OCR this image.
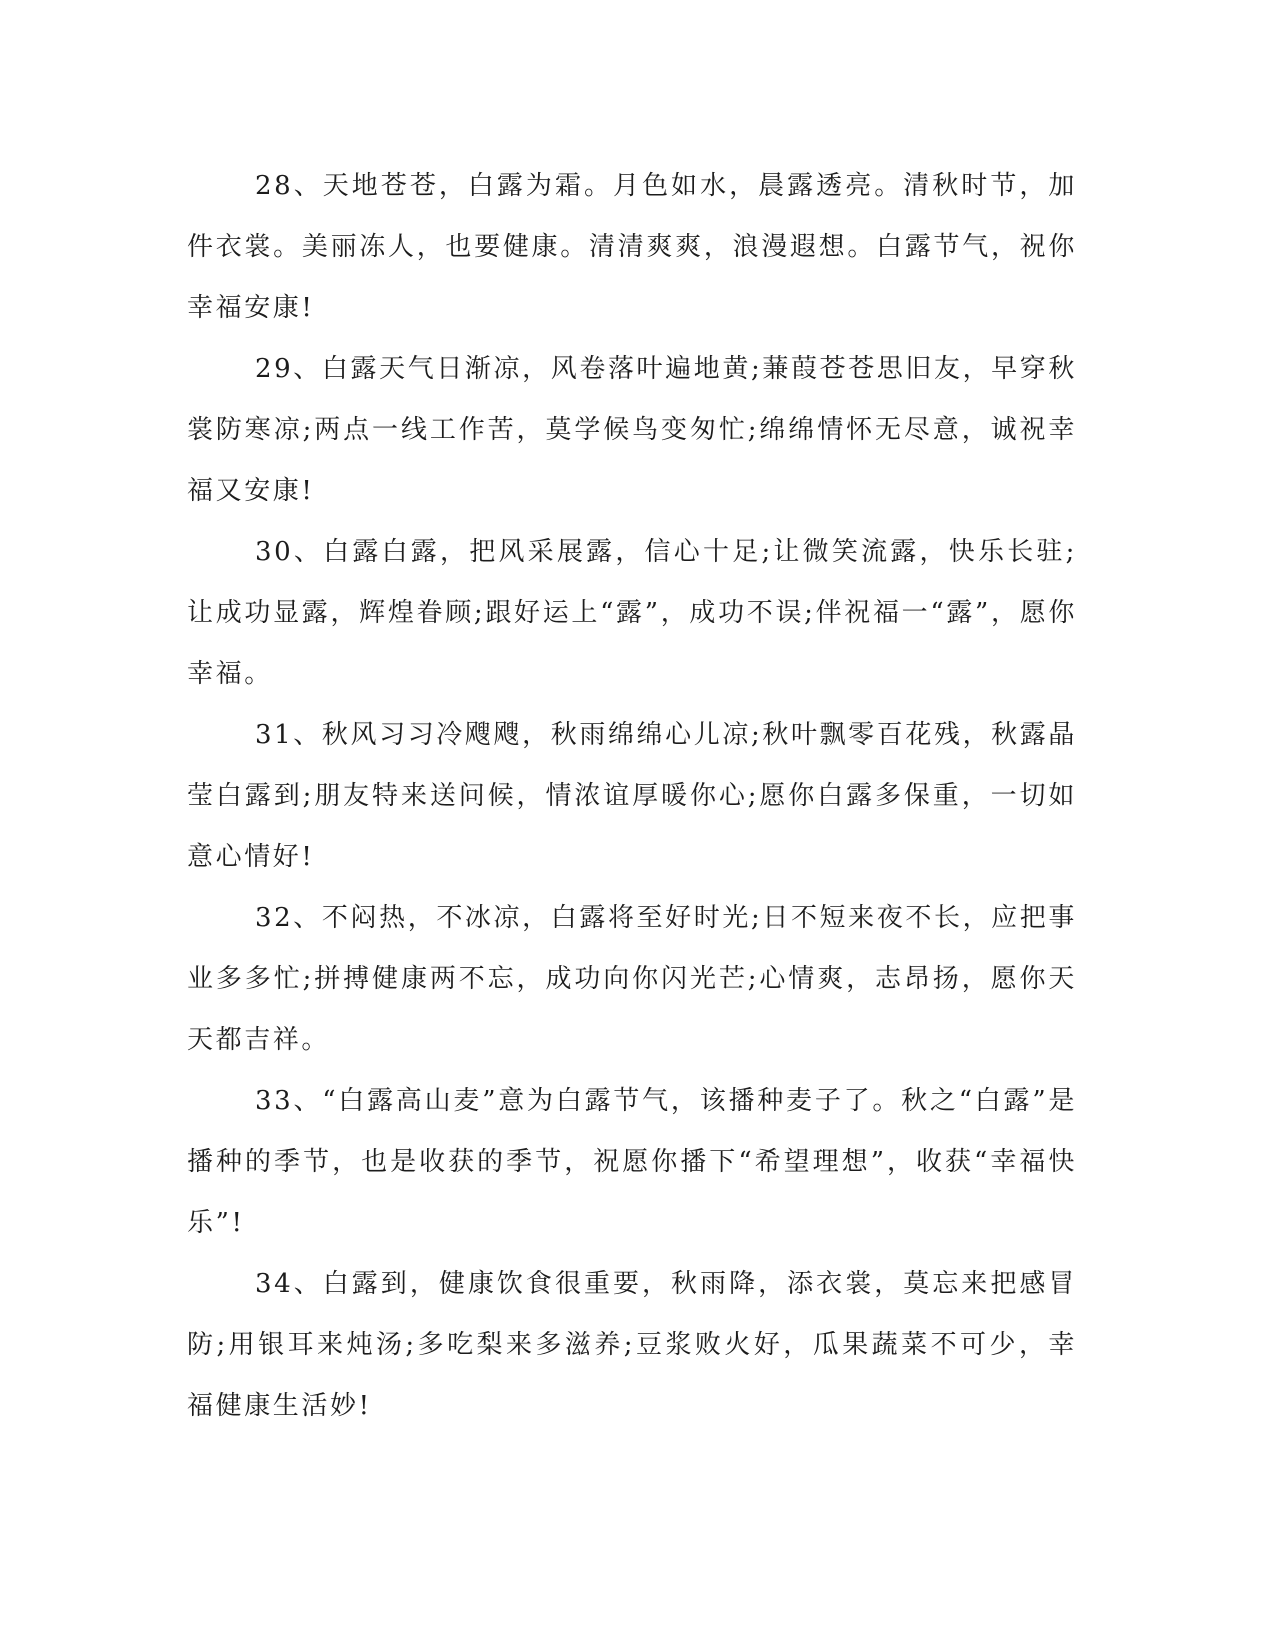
28、天地苍苍，白露为霜。月色如水，晨露透亮。清秋时节，加件衣裳。美丽冻人，也要健康。清清爽爽，浪漫遐想。白露节气，祝你幸福安康!

29、白露天气日渐凉，风卷落叶遍地黄;蒹葭苍苍思旧友，早穿秋裳防寒凉;两点一线工作苦，莫学候鸟变匆忙;绵绵情怀无尽意，诚祝幸福又安康!

30、白露白露，把风采展露，信心十足;让微笑流露，快乐长驻;让成功显露，辉煌眷顾;跟好运上“露”，成功不误;伴祝福一“露”，愿你幸福。

31、秋风习习冷飕飕，秋雨绵绵心儿凉;秋叶飘零百花残，秋露晶莹白露到;朋友特来送问候，情浓谊厚暖你心;愿你白露多保重，一切如意心情好!

32、不闷热，不冰凉，白露将至好时光;日不短来夜不长，应把事业多多忙;拼搏健康两不忘，成功向你闪光芒;心情爽，志昂扬，愿你天天都吉祥。

33、“白露高山麦”意为白露节气，该播种麦子了。秋之“白露”是播种的季节，也是收获的季节，祝愿你播下“希望理想”，收获“幸福快乐”!

34、白露到，健康饮食很重要，秋雨降，添衣裳，莫忘来把感冒防;用银耳来炖汤;多吃梨来多滋养;豆浆败火好，瓜果蔬菜不可少，幸福健康生活妙!
